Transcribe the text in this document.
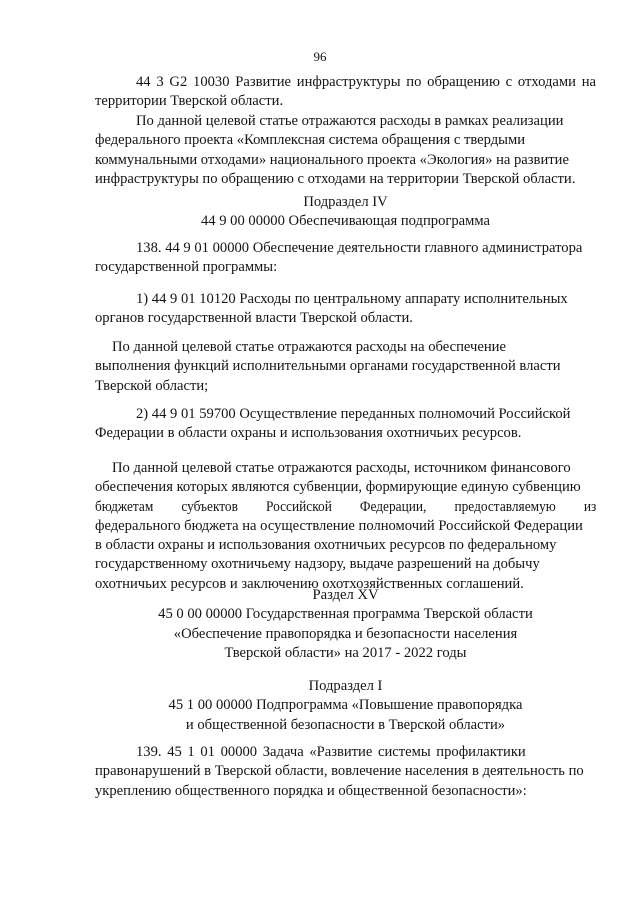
96
44 3 G2 10030 Развитие инфраструктуры по обращению с отходами на
территории Тверской области.
По данной целевой статье отражаются расходы в рамках реализации
федерального проекта «Комплексная система обращения с твердыми
коммунальными отходами» национального проекта «Экология» на развитие
инфраструктуры по обращению с отходами на территории Тверской области.
Подраздел IV
44 9 00 00000 Обеспечивающая подпрограмма
138. 44 9 01 00000 Обеспечение деятельности главного администратора
государственной программы:
1) 44 9 01 10120 Расходы по центральному аппарату исполнительных
органов государственной власти Тверской области.
По данной целевой статье отражаются расходы на обеспечение
выполнения функций исполнительными органами государственной власти
Тверской области;
2) 44 9 01 59700 Осуществление переданных полномочий Российской
Федерации в области охраны и использования охотничьих ресурсов.
По данной целевой статье отражаются расходы, источником финансового
обеспечения которых являются субвенции, формирующие единую субвенцию
бюджетам субъектов Российской Федерации, предоставляемую из
федерального бюджета на осуществление полномочий Российской Федерации
в области охраны и использования охотничьих ресурсов по федеральному
государственному охотничьему надзору, выдаче разрешений на добычу
охотничьих ресурсов и заключению охотхозяйственных соглашений.
Раздел XV
45 0 00 00000 Государственная программа Тверской области
«Обеспечение правопорядка и безопасности населения
Тверской области» на 2017 - 2022 годы
Подраздел I
45 1 00 00000 Подпрограмма «Повышение правопорядка
и общественной безопасности в Тверской области»
139. 45 1 01 00000 Задача «Развитие системы профилактики
правонарушений в Тверской области, вовлечение населения в деятельность по
укреплению общественного порядка и общественной безопасности»:
